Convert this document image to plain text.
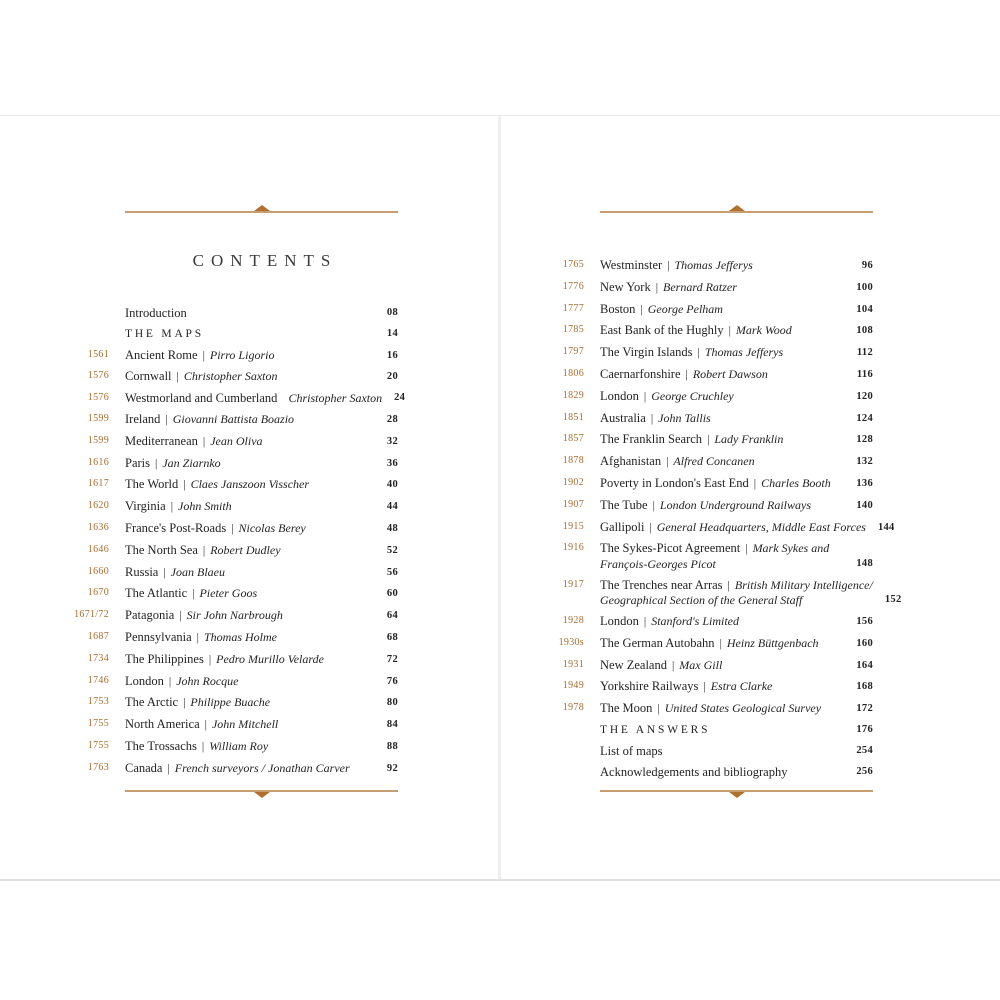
CONTENTS
Introduction	08
THE MAPS	14
1561 Ancient Rome | Pirro Ligorio	16
1576 Cornwall | Christopher Saxton	20
1576 Westmorland and Cumberland Christopher Saxton	24
1599 Ireland | Giovanni Battista Boazio	28
1599 Mediterranean | Jean Oliva	32
1616 Paris | Jan Ziarnko	36
1617 The World | Claes Janszoon Visscher	40
1620 Virginia | John Smith	44
1636 France's Post-Roads | Nicolas Berey	48
1646 The North Sea | Robert Dudley	52
1660 Russia | Joan Blaeu	56
1670 The Atlantic | Pieter Goos	60
1671/72 Patagonia | Sir John Narbrough	64
1687 Pennsylvania | Thomas Holme	68
1734 The Philippines | Pedro Murillo Velarde	72
1746 London | John Rocque	76
1753 The Arctic | Philippe Buache	80
1755 North America | John Mitchell	84
1755 The Trossachs | William Roy	88
1763 Canada | French surveyors / Jonathan Carver	92
1765 Westminster | Thomas Jefferys	96
1776 New York | Bernard Ratzer	100
1777 Boston | George Pelham	104
1785 East Bank of the Hughly | Mark Wood	108
1797 The Virgin Islands | Thomas Jefferys	112
1806 Caernarfonshire | Robert Dawson	116
1829 London | George Cruchley	120
1851 Australia | John Tallis	124
1857 The Franklin Search | Lady Franklin	128
1878 Afghanistan | Alfred Concanen	132
1902 Poverty in London's East End | Charles Booth	136
1907 The Tube | London Underground Railways	140
1915 Gallipoli | General Headquarters, Middle East Forces	144
1916 The Sykes-Picot Agreement | Mark Sykes and
François-Georges Picot	148
1917 The Trenches near Arras | British Military Intelligence/
Geographical Section of the General Staff	152
1928 London | Stanford's Limited	156
1930s The German Autobahn | Heinz Büttgenbach	160
1931 New Zealand | Max Gill	164
1949 Yorkshire Railways | Estra Clarke	168
1978 The Moon | United States Geological Survey	172
THE ANSWERS	176
List of maps	254
Acknowledgements and bibliography	256
